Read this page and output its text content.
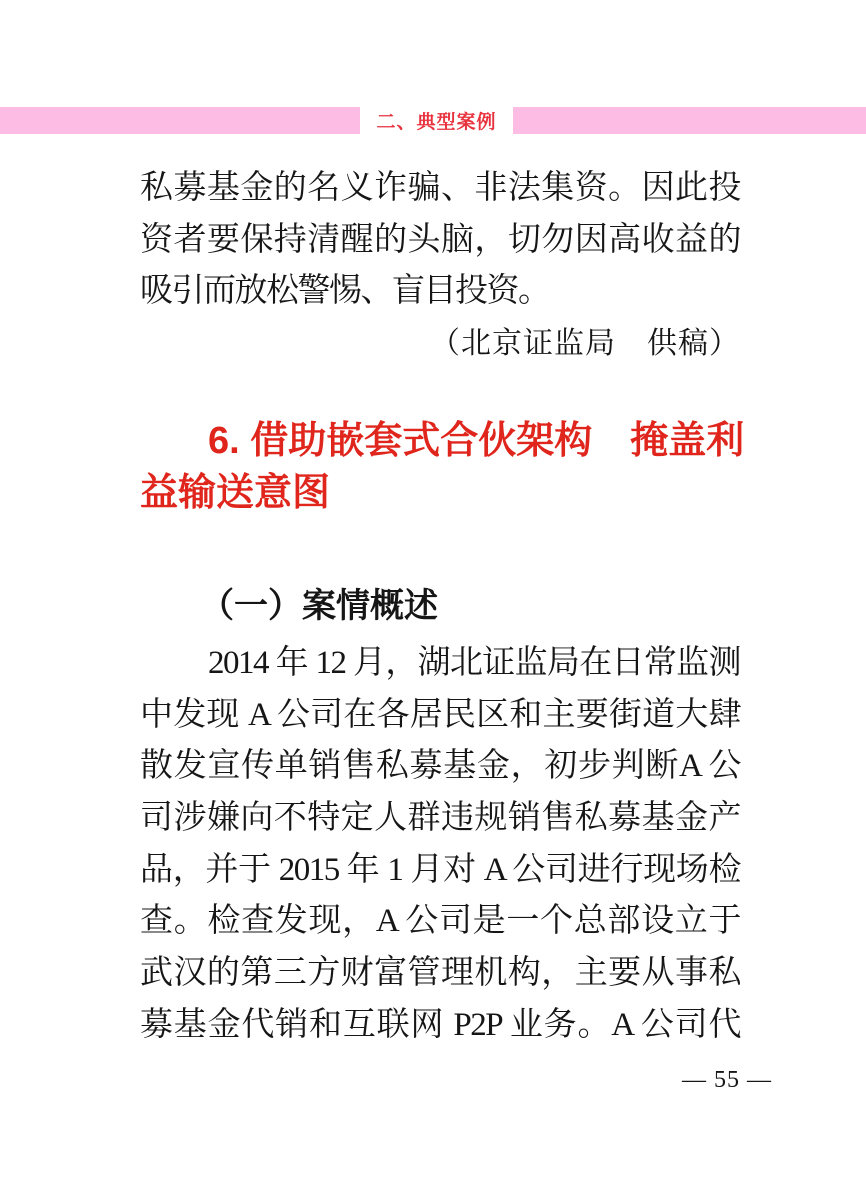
二、典型案例
私募基金的名义诈骗、非法集资。因此投
资者要保持清醒的头脑，切勿因高收益的
吸引而放松警惕、盲目投资。
（北京证监局　供稿）
6. 借助嵌套式合伙架构　掩盖利
益输送意图
（一）案情概述
2014 年 12 月，湖北证监局在日常监测
中发现 A 公司在各居民区和主要街道大肆
散发宣传单销售私募基金，初步判断A 公
司涉嫌向不特定人群违规销售私募基金产
品，并于 2015 年 1 月对 A 公司进行现场检
查。检查发现，A 公司是一个总部设立于
武汉的第三方财富管理机构，主要从事私
募基金代销和互联网 P2P 业务。A 公司代
— 55 —
